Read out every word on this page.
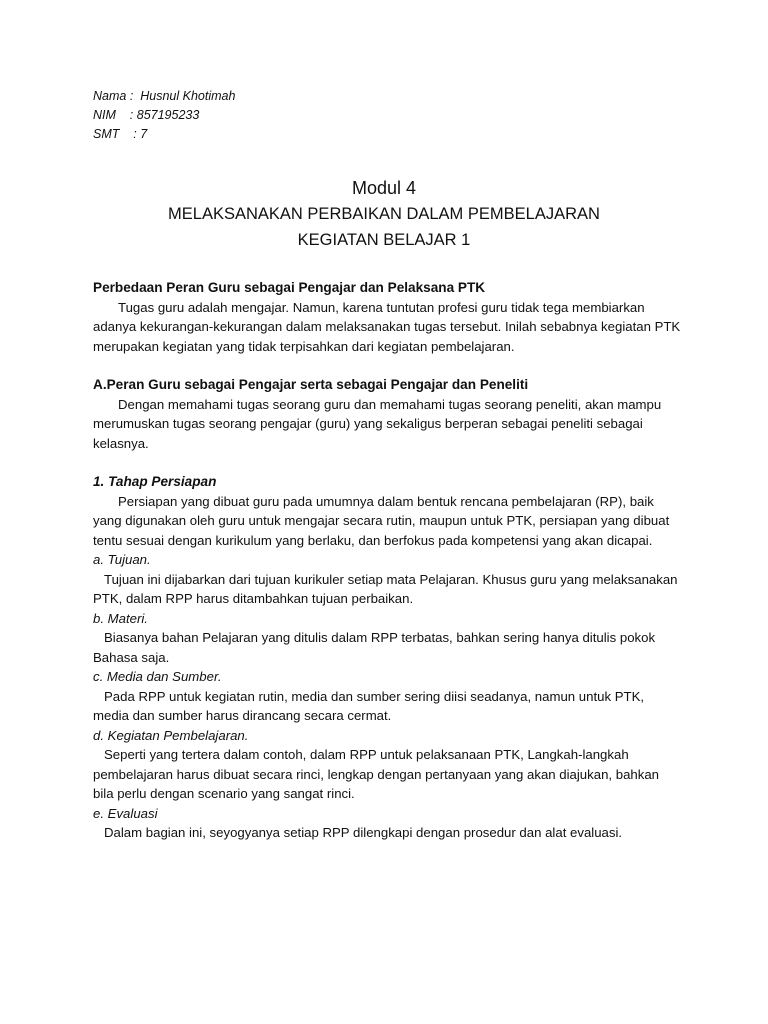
Nama :  Husnul Khotimah
NIM    : 857195233
SMT    : 7
Modul 4
MELAKSANAKAN PERBAIKAN DALAM PEMBELAJARAN
KEGIATAN BELAJAR 1
Perbedaan Peran Guru sebagai Pengajar dan Pelaksana PTK

Tugas guru adalah mengajar. Namun, karena tuntutan profesi guru tidak tega membiarkan adanya kekurangan-kekurangan dalam melaksanakan tugas tersebut. Inilah sebabnya kegiatan PTK merupakan kegiatan yang tidak terpisahkan dari kegiatan pembelajaran.

A.Peran Guru sebagai Pengajar serta sebagai Pengajar dan Peneliti

Dengan memahami tugas seorang guru dan memahami tugas seorang peneliti, akan mampu merumuskan tugas seorang pengajar (guru) yang sekaligus berperan sebagai peneliti sebagai kelasnya.

1. Tahap Persiapan

Persiapan yang dibuat guru pada umumnya dalam bentuk rencana pembelajaran (RP), baik yang digunakan oleh guru untuk mengajar secara rutin, maupun untuk PTK, persiapan yang dibuat tentu sesuai dengan kurikulum yang berlaku, dan berfokus pada kompetensi yang akan dicapai.

a. Tujuan.

Tujuan ini dijabarkan dari tujuan kurikuler setiap mata Pelajaran. Khusus guru yang melaksanakan PTK, dalam RPP harus ditambahkan tujuan perbaikan.

b. Materi.

Biasanya bahan Pelajaran yang ditulis dalam RPP terbatas, bahkan sering hanya ditulis pokok Bahasa saja.

c. Media dan Sumber.

Pada RPP untuk kegiatan rutin, media dan sumber sering diisi seadanya, namun untuk PTK, media dan sumber harus dirancang secara cermat.

d. Kegiatan Pembelajaran.

Seperti yang tertera dalam contoh, dalam RPP untuk pelaksanaan PTK, Langkah-langkah pembelajaran harus dibuat secara rinci, lengkap dengan pertanyaan yang akan diajukan, bahkan bila perlu dengan scenario yang sangat rinci.

e. Evaluasi

Dalam bagian ini, seyogyanya setiap RPP dilengkapi dengan prosedur dan alat evaluasi.
